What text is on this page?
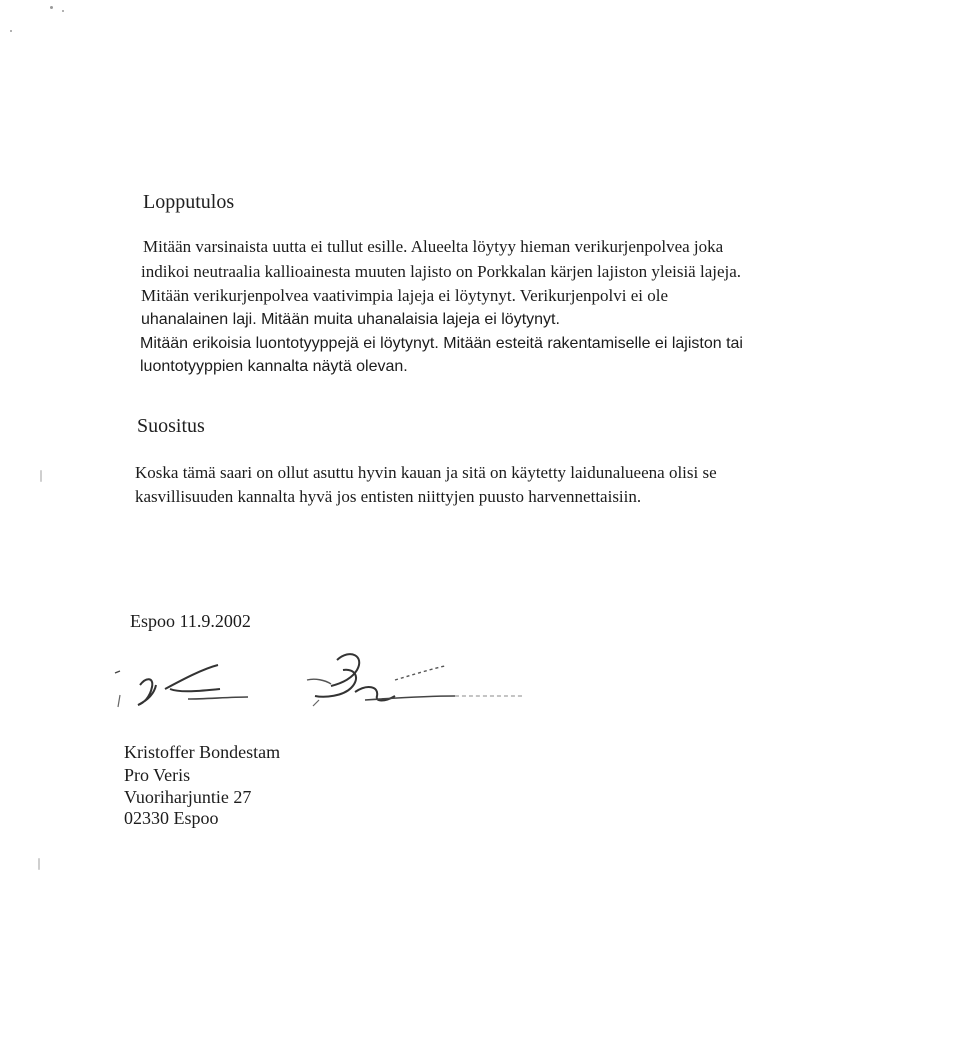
Lopputulos

Mitään varsinaista uutta ei tullut esille. Alueelta löytyy hieman verikurjenpolvea joka

indikoi neutraalia kallioainesta muuten lajisto on Porkkalan kärjen lajiston yleisiä lajeja.

Mitään verikurjenpolvea vaativimpia lajeja ei löytynyt. Verikurjenpolvi ei ole

uhanalainen laji. Mitään muita uhanalaisia lajeja ei löytynyt.

Mitään erikoisia luontotyyppejä ei löytynyt. Mitään esteitä rakentamiselle ei lajiston tai

luontotyyppien kannalta näytä olevan.

Suositus

Koska tämä saari on ollut asuttu hyvin kauan ja sitä on käytetty laidunalueena olisi se

kasvillisuuden kannalta hyvä jos entisten niittyjen puusto harvennettaisiin.

Espoo 11.9.2002

Kristoffer Bondestam

Pro Veris

Vuoriharjuntie 27

02330 Espoo
